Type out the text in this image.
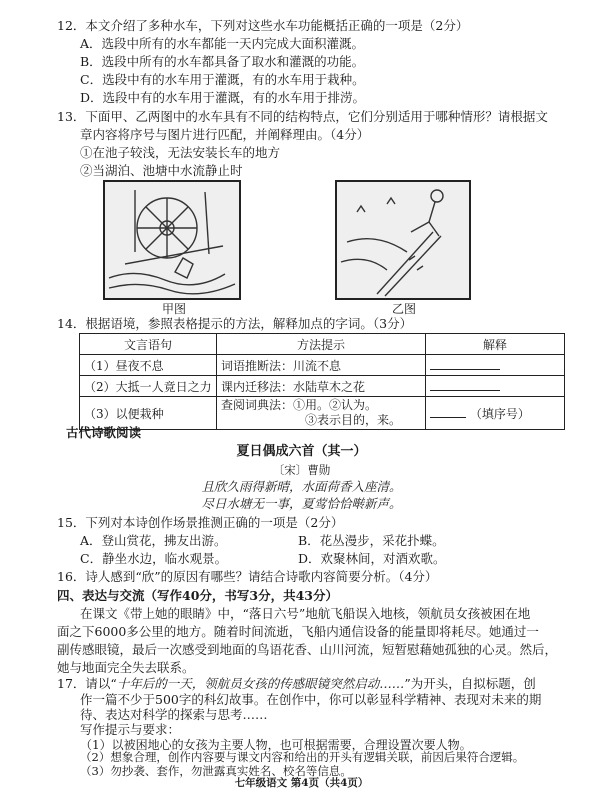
12．本文介绍了多种水车，下列对这些水车功能概括正确的一项是（2分）
A．选段中所有的水车都能一天内完成大面积灌溉。
B．选段中所有的水车都具备了取水和灌溉的功能。
C．选段中有的水车用于灌溉，有的水车用于栽种。
D．选段中有的水车用于灌溉，有的水车用于排涝。
13．下面甲、乙两图中的水车具有不同的结构特点，它们分别适用于哪种情形？请根据文
章内容将序号与图片进行匹配，并阐释理由。（4分）
①在池子较浅，无法安装长车的地方
②当湖泊、池塘中水流静止时
甲图	乙图
14．根据语境，参照表格提示的方法，解释加点的字词。（3分）
文言语句	方法提示	解释
（1）昼夜不息	词语推断法：川流不息	
（2）大抵一人竟日之力	课内迁移法：水陆草木之花	
（3）以便栽种	查阅词典法：①用。②认为。
③表示目的，来。	（填序号）
古代诗歌阅读
夏日偶成六首（其一）
〔宋〕曹勋
且欣久雨得新晴，水面荷香入座清。
尽日水塘无一事，夏莺恰恰啭新声。
15．下列对本诗创作场景推测正确的一项是（2分）
A．登山赏花，拂友出游。	B．花丛漫步，采花扑蝶。
C．静坐水边，临水观景。	D．欢聚林间，对酒欢歌。
16．诗人感到“欣”的原因有哪些？请结合诗歌内容简要分析。（4分）
四、表达与交流（写作40分，书写3分，共43分）
在课文《带上她的眼睛》中，“落日六号”地航飞船误入地核，领航员女孩被困在地
面之下6000多公里的地方。随着时间流逝，飞船内通信设备的能量即将耗尽。她通过一
副传感眼镜，最后一次感受到地面的鸟语花香、山川河流，短暂慰藉她孤独的心灵。然后，
她与地面完全失去联系。
17．请以“十年后的一天，领航员女孩的传感眼镜突然启动……”为开头，自拟标题，创
作一篇不少于500字的科幻故事。在创作中，你可以彰显科学精神、表现对未来的期
待、表达对科学的探索与思考……
写作提示与要求：
（1）以被困地心的女孩为主要人物，也可根据需要，合理设置次要人物。
七年级语文 第4页（共4页）
（2）想象合理，创作内容要与课文内容和给出的开头有逻辑关联，前因后果符合逻辑。
（3）勿抄袭、套作，勿泄露真实姓名、校名等信息。
